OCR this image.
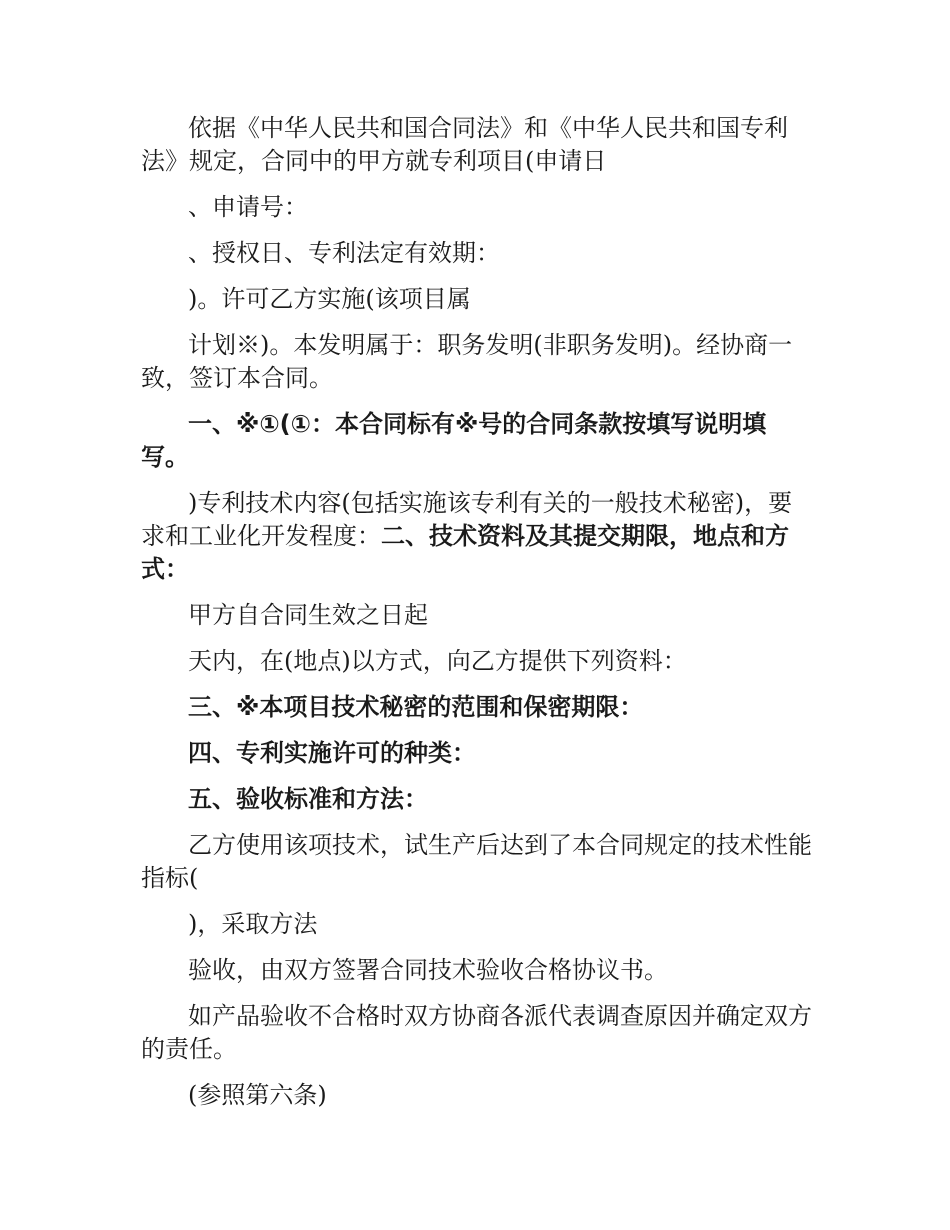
依据《中华人民共和国合同法》和《中华人民共和国专利法》规定，合同中的甲方就专利项目(申请日

、申请号：

、授权日、专利法定有效期：

)。许可乙方实施(该项目属

计划※)。本发明属于：职务发明(非职务发明)。经协商一致，签订本合同。

一、※①(①：本合同标有※号的合同条款按填写说明填写。

)专利技术内容(包括实施该专利有关的一般技术秘密)，要求和工业化开发程度：二、技术资料及其提交期限，地点和方式：

甲方自合同生效之日起

天内，在(地点)以方式，向乙方提供下列资料：

三、※本项目技术秘密的范围和保密期限：

四、专利实施许可的种类：

五、验收标准和方法：

乙方使用该项技术，试生产后达到了本合同规定的技术性能指标(

)，采取方法

验收，由双方签署合同技术验收合格协议书。

如产品验收不合格时双方协商各派代表调查原因并确定双方的责任。

(参照第六条)
